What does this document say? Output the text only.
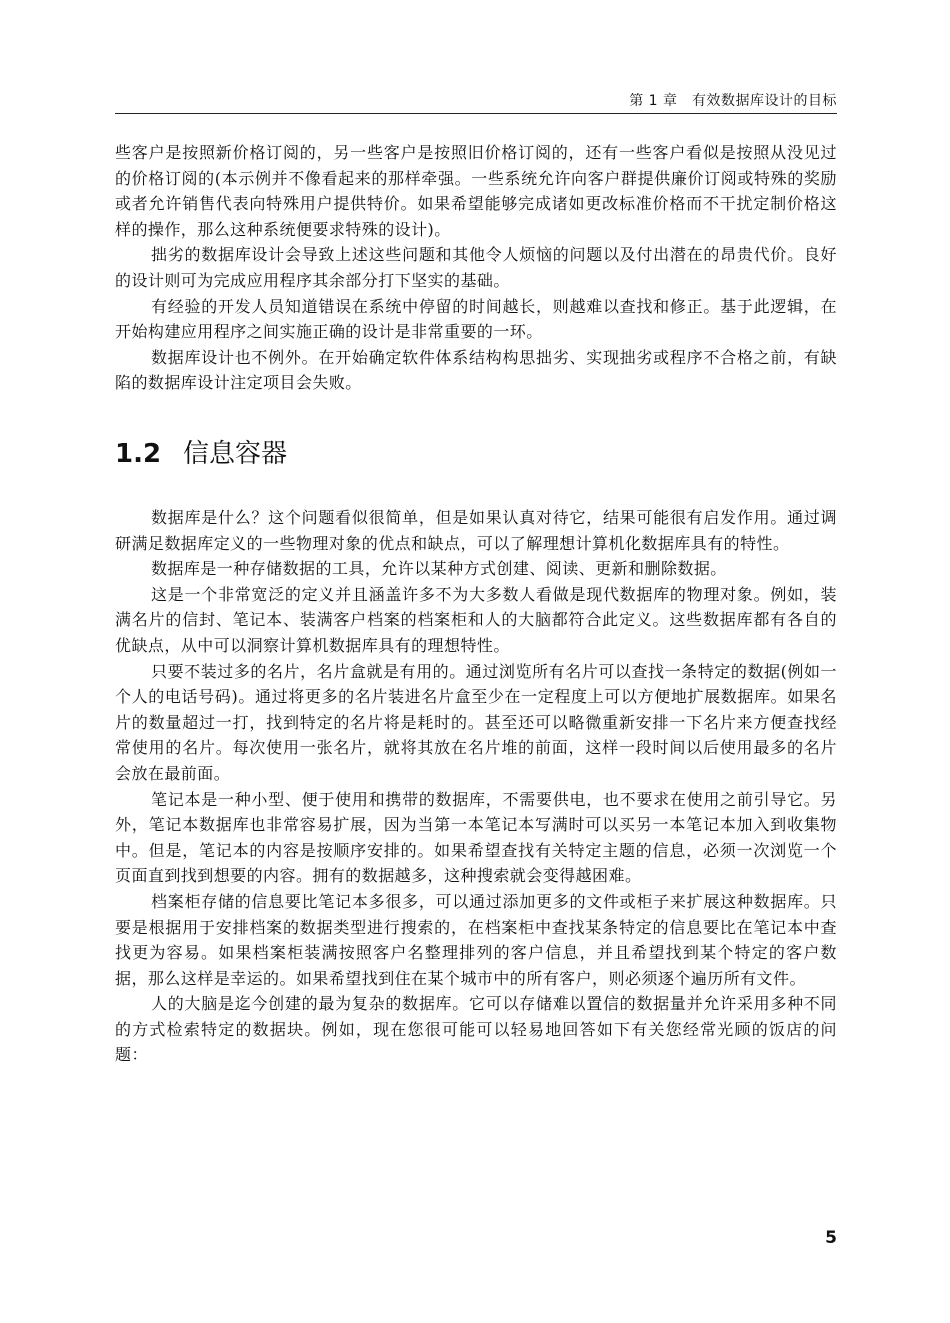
第 1 章　有效数据库设计的目标

些客户是按照新价格订阅的，另一些客户是按照旧价格订阅的，还有一些客户看似是按照从没见过的价格订阅的(本示例并不像看起来的那样牵强。一些系统允许向客户群提供廉价订阅或特殊的奖励或者允许销售代表向特殊用户提供特价。如果希望能够完成诸如更改标准价格而不干扰定制价格这样的操作，那么这种系统便要求特殊的设计)。

拙劣的数据库设计会导致上述这些问题和其他令人烦恼的问题以及付出潜在的昂贵代价。良好的设计则可为完成应用程序其余部分打下坚实的基础。

有经验的开发人员知道错误在系统中停留的时间越长，则越难以查找和修正。基于此逻辑，在开始构建应用程序之间实施正确的设计是非常重要的一环。

数据库设计也不例外。在开始确定软件体系结构构思拙劣、实现拙劣或程序不合格之前，有缺陷的数据库设计注定项目会失败。

1.2 信息容器

数据库是什么？这个问题看似很简单，但是如果认真对待它，结果可能很有启发作用。通过调研满足数据库定义的一些物理对象的优点和缺点，可以了解理想计算机化数据库具有的特性。

数据库是一种存储数据的工具，允许以某种方式创建、阅读、更新和删除数据。

这是一个非常宽泛的定义并且涵盖许多不为大多数人看做是现代数据库的物理对象。例如，装满名片的信封、笔记本、装满客户档案的档案柜和人的大脑都符合此定义。这些数据库都有各自的优缺点，从中可以洞察计算机数据库具有的理想特性。

只要不装过多的名片，名片盒就是有用的。通过浏览所有名片可以查找一条特定的数据(例如一个人的电话号码)。通过将更多的名片装进名片盒至少在一定程度上可以方便地扩展数据库。如果名片的数量超过一打，找到特定的名片将是耗时的。甚至还可以略微重新安排一下名片来方便查找经常使用的名片。每次使用一张名片，就将其放在名片堆的前面，这样一段时间以后使用最多的名片会放在最前面。

笔记本是一种小型、便于使用和携带的数据库，不需要供电，也不要求在使用之前引导它。另外，笔记本数据库也非常容易扩展，因为当第一本笔记本写满时可以买另一本笔记本加入到收集物中。但是，笔记本的内容是按顺序安排的。如果希望查找有关特定主题的信息，必须一次浏览一个页面直到找到想要的内容。拥有的数据越多，这种搜索就会变得越困难。

档案柜存储的信息要比笔记本多很多，可以通过添加更多的文件或柜子来扩展这种数据库。只要是根据用于安排档案的数据类型进行搜索的，在档案柜中查找某条特定的信息要比在笔记本中查找更为容易。如果档案柜装满按照客户名整理排列的客户信息，并且希望找到某个特定的客户数据，那么这样是幸运的。如果希望找到住在某个城市中的所有客户，则必须逐个遍历所有文件。

人的大脑是迄今创建的最为复杂的数据库。它可以存储难以置信的数据量并允许采用多种不同的方式检索特定的数据块。例如，现在您很可能可以轻易地回答如下有关您经常光顾的饭店的问题：

5
